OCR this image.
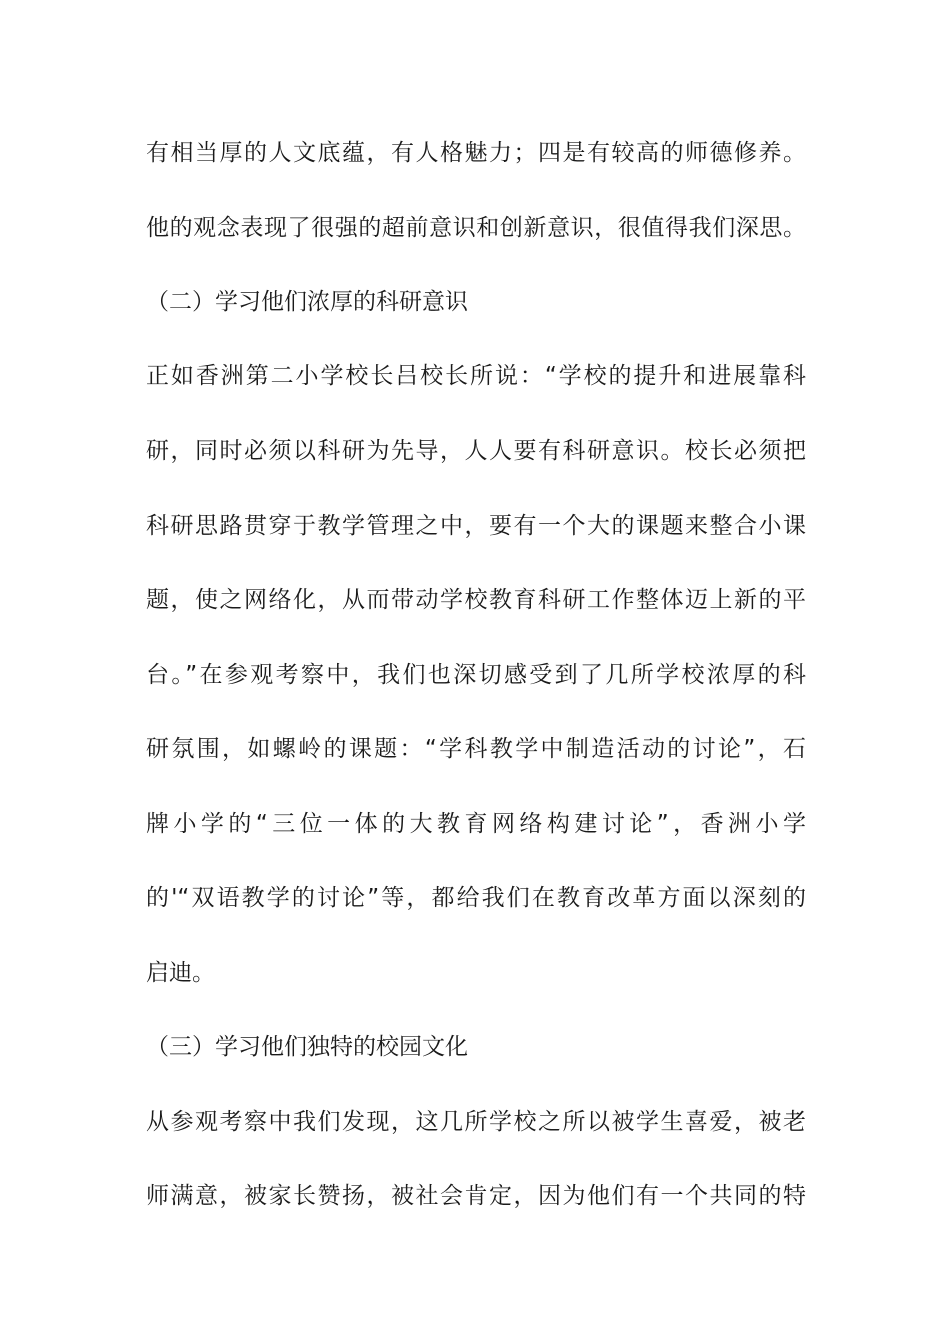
有相当厚的人文底蕴，有人格魅力；四是有较高的师德修养。
他的观念表现了很强的超前意识和创新意识，很值得我们深思。
（二）学习他们浓厚的科研意识
正如香洲第二小学校长吕校长所说：“学校的提升和进展靠科
研，同时必须以科研为先导，人人要有科研意识。校长必须把
科研思路贯穿于教学管理之中，要有一个大的课题来整合小课
题，使之网络化，从而带动学校教育科研工作整体迈上新的平
台。”在参观考察中，我们也深切感受到了几所学校浓厚的科
研氛围，如螺岭的课题：“学科教学中制造活动的讨论”，石
牌小学的“三位一体的大教育网络构建讨论”，香洲小学
的'“双语教学的讨论”等，都给我们在教育改革方面以深刻的
启迪。
（三）学习他们独特的校园文化
从参观考察中我们发现，这几所学校之所以被学生喜爱，被老
师满意，被家长赞扬，被社会肯定，因为他们有一个共同的特
